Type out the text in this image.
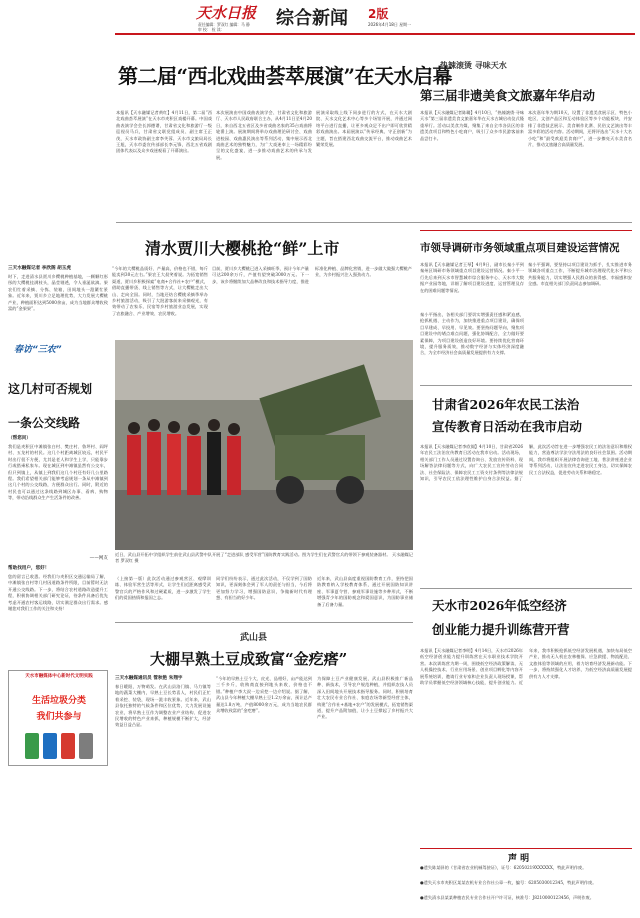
天水日报
责任编辑：罗双红 编辑：马 静
审 校： 检 读：
综合新闻	2版
2026年4月18日 星期一
第二届“西北戏曲荟萃展演”在天水启幕
本报讯【天水融媒记者黄红】4月11日，第二届“西北戏曲荟萃展演”在天水市麦积区戏楼开幕。中国戏曲表演学会会长郭德谱，甘肃省文化和旅游厅一级巡视员马兵，甘肃省文联党组成员、副主席王正茂，天水市政协副主席李芙蓉、天水市文旅局局长王旭，天水市委宣传部部长李元锋，西北五省戏剧团体代表以及众多戏迷观看了开幕演出。
本次展演由中国戏曲表演学会、甘肃省文化和旅游厅、天水市人民政府联合主办，从4月11日至4月20日，来自西北五省区及多省戏曲名家的35台戏曲将轮番上演。展演期间将举办戏曲理论研讨会、戏曲进校园、戏曲惠民演出等系列活动，集中展示西北戏曲艺术的独特魅力，为广大戏迷奉上一场精彩纷呈的文化盛宴，进一步推动戏曲艺术的传承与发展。
展演采取线上线下同步进行的方式，在天水大剧院、天水文化艺术中心等多个场馆开展，并通过网络平台进行直播，让更多观众足不出户即可欣赏精彩戏曲演出。本届展演以“传承经典、守正创新”为主题，旨在搭建西北戏曲交流平台，推动戏曲艺术繁荣发展。
热辣滚烫 寻味天水
第三届非遗美食文旅嘉年华启动
本报讯【天水融媒记者陈璐】4月10日，“热辣滚烫·寻味天水”第三届非遗美食文旅嘉年华在天水古城启动仪式隆重举行。活动以美食为媒，聚集了来自全市各县区的非遗美食项目和特色小吃商户，吸引了众多市民游客前来品尝打卡。
本次嘉年华为期10天，设置了非遗美食展示区、特色小吃区、文创产品区和互动体验区等多个功能板块，并安排了非遗技艺展示、美食制作比赛、民俗文艺演出等丰富多彩的活动内容。活动期间，还将评选出“天水十大名小吃”和“最受欢迎美食商户”，进一步擦亮天水美食名片，推动文旅融合高质量发展。
清水贾川大樱桃抢“鲜”上市
三天水融媒记者 李欣阁 胡玉虎
时下，走进清水县贾川乡樱桃种植基地，一颗颗红彤彤的大樱桃挂满枝头，晶莹剔透，令人垂涎欲滴。果农们忙着采摘、分拣、装箱，田间地头一派繁忙景象。近年来，贾川乡立足地理优势，大力发展大樱桃产业，种植面积达到5000余亩，成为当地群众增收致富的“金果果”。
“今年的大樱桃品质好、产量高，价格也不错，每斤能卖到30元左右。”果农王大叔笑着说。为拓宽销售渠道，贾川乡积极探索“电商+合作社+农户”模式，借助直播带货、线上销售等方式，让大樱桃走出大山、走向全国。同时，当地还结合樱桃采摘季举办乡村旅游活动，吸引了大批游客前来采摘观光，有效带动了农家乐、民宿等乡村旅游业态发展，实现了农旅融合、产业增效、农民增收。
目前，贾川乡大樱桃已进入采摘旺季，预计今年产量可达200余万斤，产值有望突破3000万元。下一步，该乡将继续加大品种改良和技术指导力度，推进标准化种植、品牌化营销，进一步做大做强大樱桃产业，为乡村振兴注入强劲动力。
春访“三农”
这几村可否规划
一条公交线路
（帮您问）
我们是麦积区中滩镇张白村、樊庄村、鲁坪村、阎坪村、五龙村的村民。这几个村距离城区较远，村民平时出行很不方便，尤其是老人和学生上学，只能靠步行或搭乘私家车。现在城区到中滩镇虽然有公交车，但只到镇上，从镇上到我们这几个村还有好几公里路程。我们希望相关部门能够考虑规划一条从中滩镇到这几个村的公交线路，方便群众出行。同时，附近的村民也可以通过这条线路到城区办事、看病、购物等，带动沿线群众生产生活条件的改善。
——网友
帮助找用户，您好！
您的留言已收悉。经我们与麦积区交通运输局了解，中滩镇张白村等几村因道路条件所限，目前暂时无法开通公交线路。下一步，将结合农村道路改造提升工程，积极协调相关部门研究论证，待条件具备后优先考虑开通农村客运线路，切实满足群众出行需求。感谢您对我们工作的关注和支持！
天水市融媒体中心新时代文明实践
生活垃圾分类
我们共参与
近日，武山县开拓中学组织学生前往武山县武警中队开展了“走进部队 感受军营”国防教育实践活动。图为学生们在武警官兵的带领下参观装备器材。 天水融媒记者 罗双红 摄
（上接第一版）此次活动通过参观营区、观摩训练、体验军营生活等形式，让学生们近距离感受武警官兵的严格作风和过硬素质，进一步激发了学生们的爱国热情和报国之志。
同学们纷纷表示，通过此次活动，不仅学到了国防知识，更深刻体会到了军人的责任与担当，今后将更加努力学习，增强国防意识，争做新时代有理想、有担当的好少年。
近年来，武山县高度重视国防教育工作，坚持把国防教育纳入学校教育体系，通过开展国防知识讲座、军事夏令营、参观军事设施等多种形式，不断增强青少年的国防观念和爱国意识，为国防事业储备了后备力量。
武山县
大棚早熟土豆成致富“金疙瘩”
三天水融媒通讯员 管秋艳 朱翔宇
春日暖阳，万物萌发。在武山县洛门镇、马力镇等地的蔬菜大棚内，早熟土豆长势喜人，村民们正忙着采挖、装袋，现场一派丰收景象。近年来，武山县依托独特的气候条件和区位优势，大力发展设施农业，将早熟土豆作为调整农业产业结构、促进农民增收的特色产业来抓，种植规模不断扩大，经济效益日益凸显。
“今年的早熟土豆个大、皮光、品相好，亩产能达到三千多斤，收购商直接到地头来收，价格也不错。”种植户李大叔一边采挖一边介绍说。据了解，武山县今年种植大棚早熟土豆1.2万余亩，预计总产量达1.8万吨，产值8000余万元，成为当地农民群众增收致富的“金疙瘩”。
为保障土豆产业健康发展，武山县积极推广新品种、新技术，引导农户规范种植，并组织农技人员深入田间地头开展技术指导服务。同时，积极培育壮大农民专业合作社、家庭农场等新型经营主体，构建“合作社+基地+农户”的发展模式，拓宽销售渠道，提升产品附加值，让小土豆撑起了乡村振兴大产业。
市领导调研市务领域重点项目建设运营情况
本报讯【天水融媒记者王琴】4月9日，副市长秦小平到秦州区调研市务领域重点项目建设运营情况。秦小平一行先后来到天水市智慧城市综合服务中心、天水市大数据产业园等地，详细了解项目建设进度、运营管理及存在的困难问题等情况。
秦小平指出，各相关部门要切实增强责任感和紧迫感，抢抓机遇、主动作为，加快推进重点项目建设，确保项目早建成、早投用、早见效。要坚持问题导向，聚焦项目建设中的堵点难点问题，强化协调配合，全力做好要素保障，为项目建设创造良好环境。要持续优化营商环境，提升服务质效，推动数字经济与实体经济深度融合，为全市经济社会高质量发展提供有力支撑。
秦小平强调，要坚持以项目建设为抓手，扎实推进市务领域各项重点工作，不断提升城市治理现代化水平和公共服务能力，切实增强人民群众的获得感、幸福感和安全感。市直相关部门负责同志参加调研。
甘肃省2026年农民工法治
宣传教育日活动在我市启动
本报讯【天水融媒记者李欣阁】4月10日，甘肃省2026年农民工法治宣传教育日活动在我市启动。活动现场，相关部门工作人员通过设置咨询台、发放宣传资料、现场解答法律问题等方式，向广大农民工宣传劳动合同法、社会保险法、保障农民工工资支付条例等法律法规知识，引导农民工依法理性维护自身合法权益。据了解，此次活动旨在进一步增强农民工的法治意识和维权能力，营造尊法学法守法用法的良好社会氛围。活动期间，我市将组织开展法律咨询进工地、普法讲座进企业等系列活动，让法治宣传走进农民工身边，切实保障农民工合法权益，促进劳动关系和谐稳定。
天水市2026年低空经济
创业能力提升训练营开营
本报讯【天水融媒记者李明】4月14日，天水市2026年低空经济创业能力提升训练营在天水职业技术学院开营。本次训练营为期一周，围绕低空经济政策解读、无人机操控技术、行业应用场景、创业项目孵化等内容开展系统培训，邀请行业专家和企业负责人现场授课，帮助学员掌握低空经济领域核心技能，提升创业能力。近年来，我市积极抢抓低空经济发展机遇，加快布局低空产业，推动无人机在农林植保、应急救援、物流配送、文旅体验等领域的应用，着力培育经济发展新动能。下一步，将持续强化人才培养，为低空经济高质量发展提供有力人才支撑。
声 明
●遗失陈某驿的《甘肃省农业机械驾驶证》，证号：62050219XXXXXX，特此声明作废。
●遗失天水市麦积区某某农机专业合作社公章一枚，编号：6205030012345，特此声明作废。
●遗失清水县某某种植农民专业合作社开户许可证，核准号：J8210000123456，声明作废。
